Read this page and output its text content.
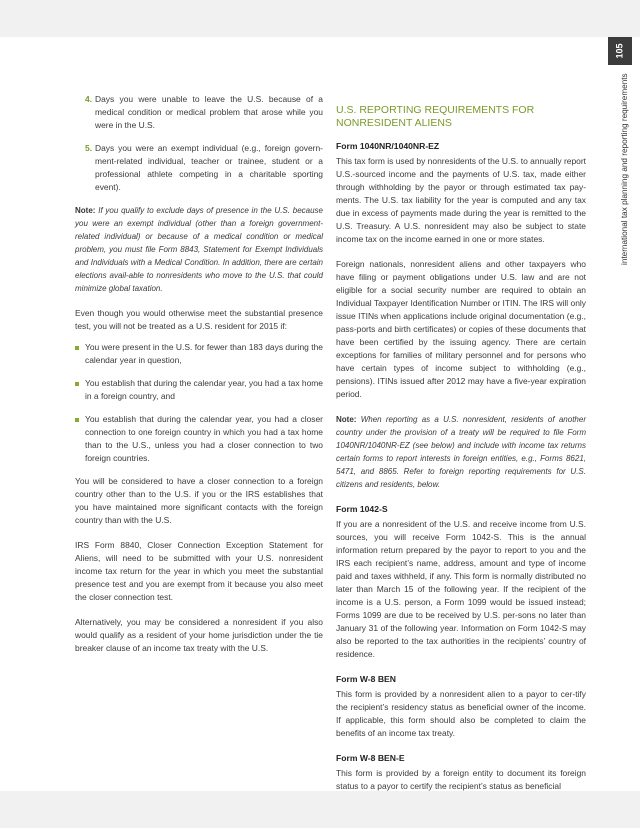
105
international tax planning and reporting requirements
4. Days you were unable to leave the U.S. because of a medical condition or medical problem that arose while you were in the U.S.
5. Days you were an exempt individual (e.g., foreign govern-ment-related individual, teacher or trainee, student or a professional athlete competing in a charitable sporting event).

Note: If you qualify to exclude days of presence in the U.S. because you were an exempt individual (other than a foreign government-related individual) or because of a medical condition or medical problem, you must file Form 8843, Statement for Exempt Individuals and Individuals with a Medical Condition. In addition, there are certain elections avail-able to nonresidents who move to the U.S. that could minimize global taxation.

Even though you would otherwise meet the substantial presence test, you will not be treated as a U.S. resident for 2015 if:

You were present in the U.S. for fewer than 183 days during the calendar year in question,
You establish that during the calendar year, you had a tax home in a foreign country, and
You establish that during the calendar year, you had a closer connection to one foreign country in which you had a tax home than to the U.S., unless you had a closer connection to two foreign countries.

You will be considered to have a closer connection to a foreign country other than to the U.S. if you or the IRS establishes that you have maintained more significant contacts with the foreign country than with the U.S.

IRS Form 8840, Closer Connection Exception Statement for Aliens, will need to be submitted with your U.S. nonresident income tax return for the year in which you meet the substantial presence test and you are exempt from it because you also meet the closer connection test.

Alternatively, you may be considered a nonresident if you also would qualify as a resident of your home jurisdiction under the tie breaker clause of an income tax treaty with the U.S.

U.S. REPORTING REQUIREMENTS FOR NONRESIDENT ALIENS
Form 1040NR/1040NR-EZ

This tax form is used by nonresidents of the U.S. to annually report U.S.-sourced income and the payments of U.S. tax, made either through withholding by the payor or through estimated tax pay-ments. The U.S. tax liability for the year is computed and any tax due in excess of payments made during the year is remitted to the U.S. Treasury. A U.S. nonresident may also be subject to state income tax on the income earned in one or more states.

Foreign nationals, nonresident aliens and other taxpayers who have filing or payment obligations under U.S. law and are not eligible for a social security number are required to obtain an Individual Taxpayer Identification Number or ITIN. The IRS will only issue ITINs when applications include original documentation (e.g., pass-ports and birth certificates) or copies of these documents that have been certified by the issuing agency. There are certain exceptions for families of military personnel and for persons who have certain types of income subject to withholding (e.g., pensions). ITINs issued after 2012 may have a five-year expiration period.

Note: When reporting as a U.S. nonresident, residents of another country under the provision of a treaty will be required to file Form 1040NR/1040NR-EZ (see below) and include with income tax returns certain forms to report interests in foreign entities, e.g., Forms 8621, 5471, and 8865. Refer to foreign reporting requirements for U.S. citizens and residents, below.

Form 1042-S

If you are a nonresident of the U.S. and receive income from U.S. sources, you will receive Form 1042-S. This is the annual information return prepared by the payor to report to you and the IRS each recipient’s name, address, amount and type of income paid and taxes withheld, if any. This form is normally distributed no later than March 15 of the following year. If the recipient of the income is a U.S. person, a Form 1099 would be issued instead; Forms 1099 are due to be received by U.S. per-sons no later than January 31 of the following year. Information on Form 1042-S may also be reported to the tax authorities in the recipients’ country of residence.

Form W-8 BEN

This form is provided by a nonresident alien to a payor to cer-tify the recipient’s residency status as beneficial owner of the income. If applicable, this form should also be completed to claim the benefits of an income tax treaty.

Form W-8 BEN-E

This form is provided by a foreign entity to document its foreign status to a payor to certify the recipient’s status as beneficial
